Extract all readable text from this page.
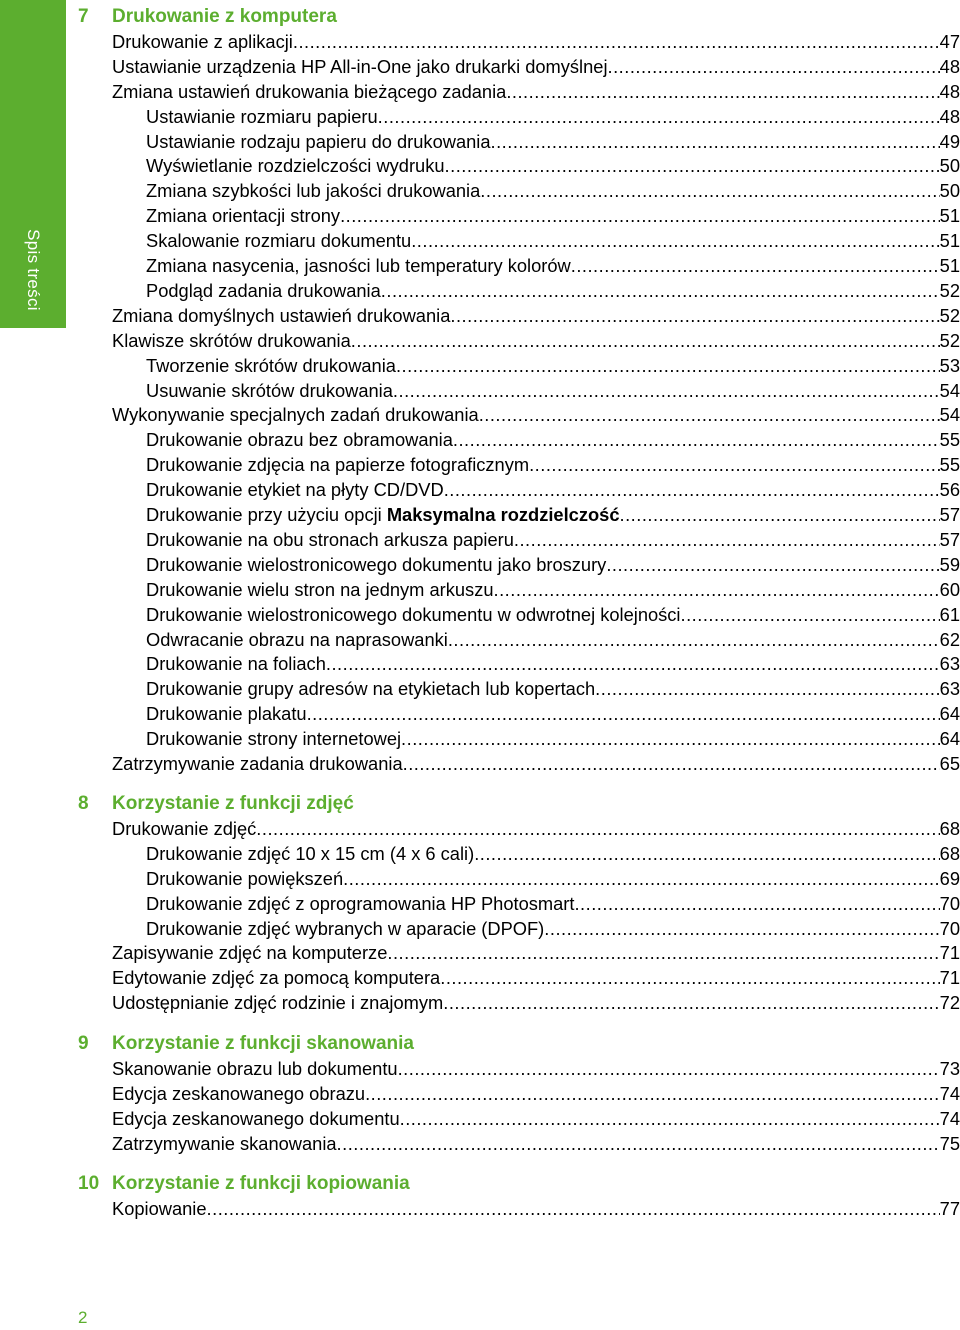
Spis treści
7 Drukowanie z komputera
Drukowanie z aplikacji .....	47
Ustawianie urządzenia HP All-in-One jako drukarki domyślnej .....	48
Zmiana ustawień drukowania bieżącego zadania .....	48
Ustawianie rozmiaru papieru .....	48
Ustawianie rodzaju papieru do drukowania .....	49
Wyświetlanie rozdzielczości wydruku .....	50
Zmiana szybkości lub jakości drukowania .....	50
Zmiana orientacji strony .....	51
Skalowanie rozmiaru dokumentu .....	51
Zmiana nasycenia, jasności lub temperatury kolorów .....	51
Podgląd zadania drukowania .....	52
Zmiana domyślnych ustawień drukowania .....	52
Klawisze skrótów drukowania .....	52
Tworzenie skrótów drukowania .....	53
Usuwanie skrótów drukowania .....	54
Wykonywanie specjalnych zadań drukowania .....	54
Drukowanie obrazu bez obramowania .....	55
Drukowanie zdjęcia na papierze fotograficznym .....	55
Drukowanie etykiet na płyty CD/DVD .....	56
Drukowanie przy użyciu opcji Maksymalna rozdzielczość .....	57
Drukowanie na obu stronach arkusza papieru .....	57
Drukowanie wielostronicowego dokumentu jako broszury .....	59
Drukowanie wielu stron na jednym arkuszu .....	60
Drukowanie wielostronicowego dokumentu w odwrotnej kolejności .....	61
Odwracanie obrazu na naprasowanki .....	62
Drukowanie na foliach .....	63
Drukowanie grupy adresów na etykietach lub kopertach .....	63
Drukowanie plakatu .....	64
Drukowanie strony internetowej .....	64
Zatrzymywanie zadania drukowania .....	65
8 Korzystanie z funkcji zdjęć
Drukowanie zdjęć .....	68
Drukowanie zdjęć 10 x 15 cm (4 x 6 cali) .....	68
Drukowanie powiększeń .....	69
Drukowanie zdjęć z oprogramowania HP Photosmart .....	70
Drukowanie zdjęć wybranych w aparacie (DPOF) .....	70
Zapisywanie zdjęć na komputerze .....	71
Edytowanie zdjęć za pomocą komputera .....	71
Udostępnianie zdjęć rodzinie i znajomym .....	72
9 Korzystanie z funkcji skanowania
Skanowanie obrazu lub dokumentu .....	73
Edycja zeskanowanego obrazu .....	74
Edycja zeskanowanego dokumentu .....	74
Zatrzymywanie skanowania .....	75
10 Korzystanie z funkcji kopiowania
Kopiowanie .....	77
2
